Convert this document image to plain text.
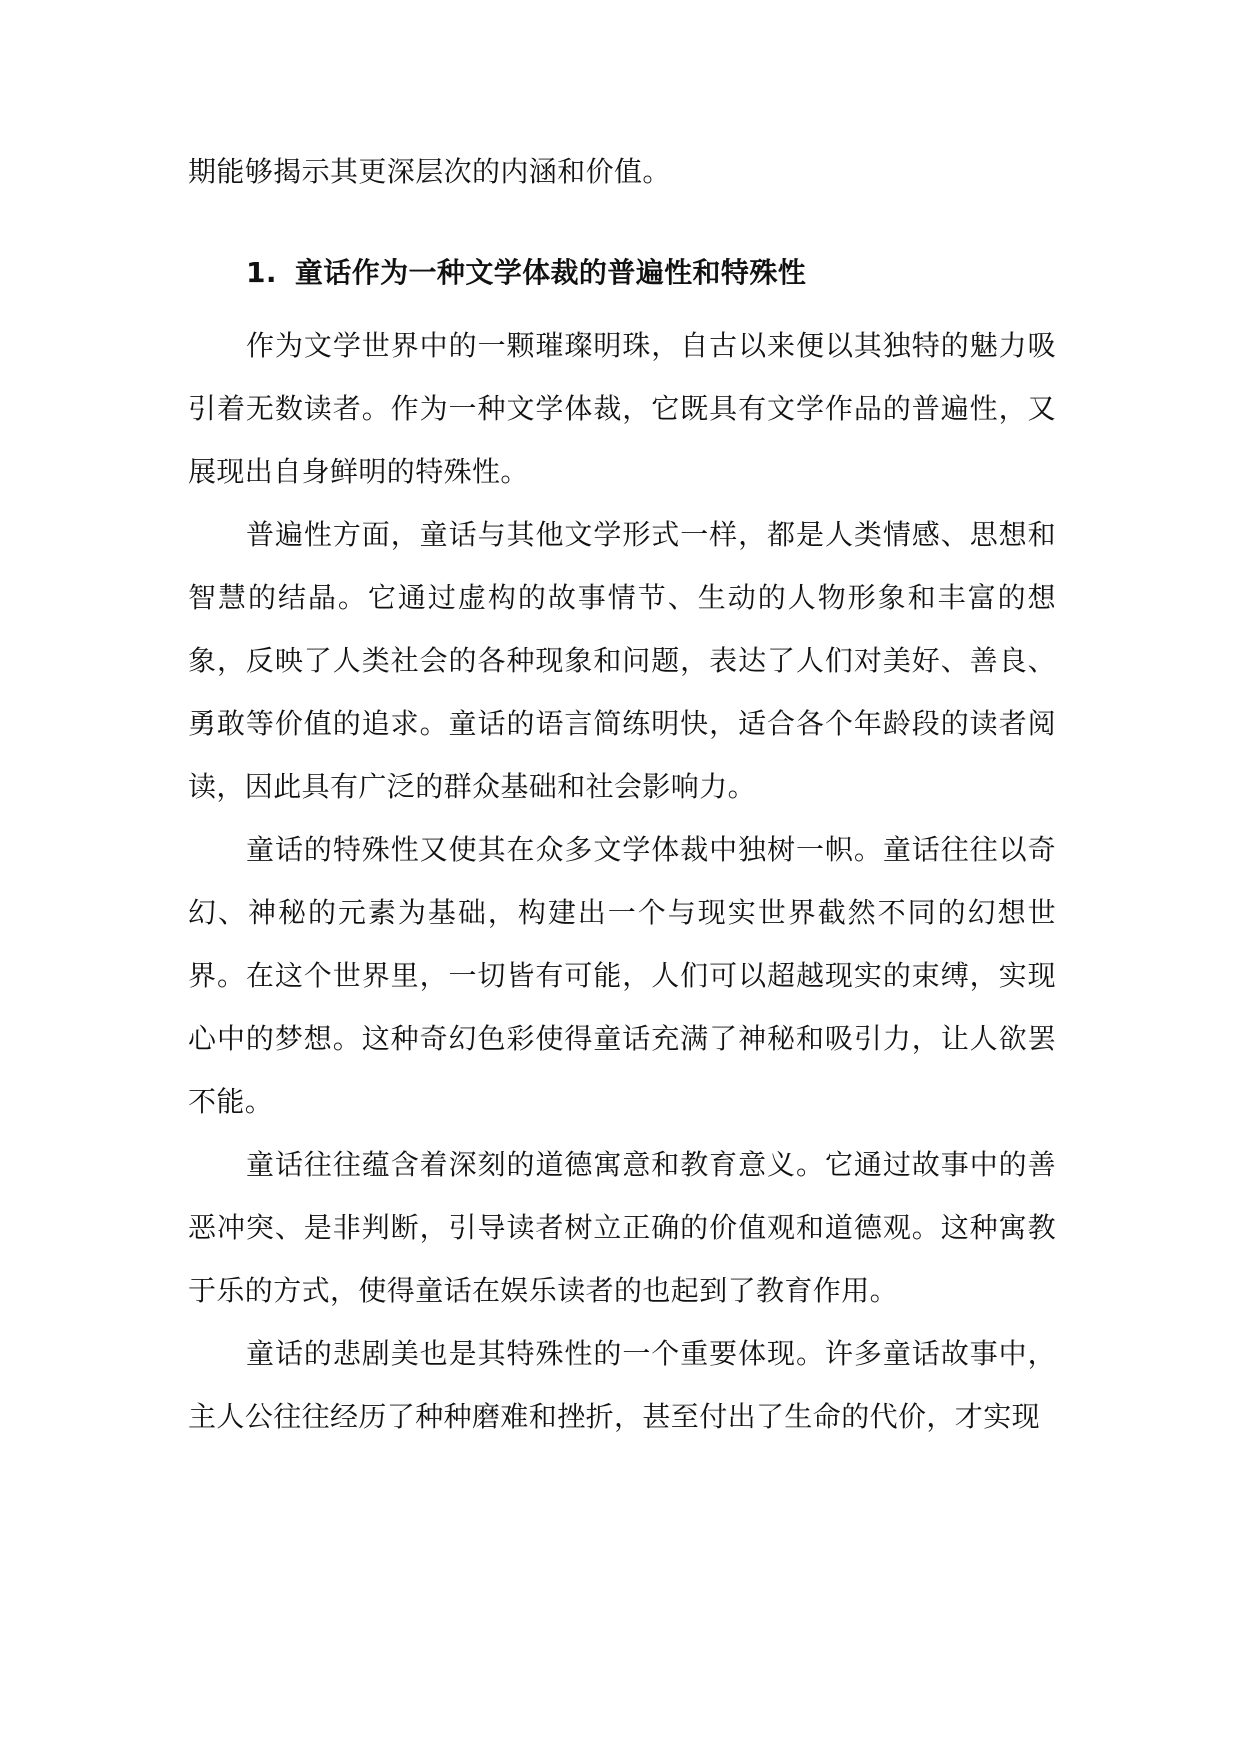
期能够揭示其更深层次的内涵和价值。

1. 童话作为一种文学体裁的普遍性和特殊性

作为文学世界中的一颗璀璨明珠，自古以来便以其独特的魅力吸引着无数读者。作为一种文学体裁，它既具有文学作品的普遍性，又展现出自身鲜明的特殊性。

普遍性方面，童话与其他文学形式一样，都是人类情感、思想和智慧的结晶。它通过虚构的故事情节、生动的人物形象和丰富的想象，反映了人类社会的各种现象和问题，表达了人们对美好、善良、勇敢等价值的追求。童话的语言简练明快，适合各个年龄段的读者阅读，因此具有广泛的群众基础和社会影响力。

童话的特殊性又使其在众多文学体裁中独树一帜。童话往往以奇幻、神秘的元素为基础，构建出一个与现实世界截然不同的幻想世界。在这个世界里，一切皆有可能，人们可以超越现实的束缚，实现心中的梦想。这种奇幻色彩使得童话充满了神秘和吸引力，让人欲罢不能。

童话往往蕴含着深刻的道德寓意和教育意义。它通过故事中的善恶冲突、是非判断，引导读者树立正确的价值观和道德观。这种寓教于乐的方式，使得童话在娱乐读者的也起到了教育作用。

童话的悲剧美也是其特殊性的一个重要体现。许多童话故事中，主人公往往经历了种种磨难和挫折，甚至付出了生命的代价，才实现
